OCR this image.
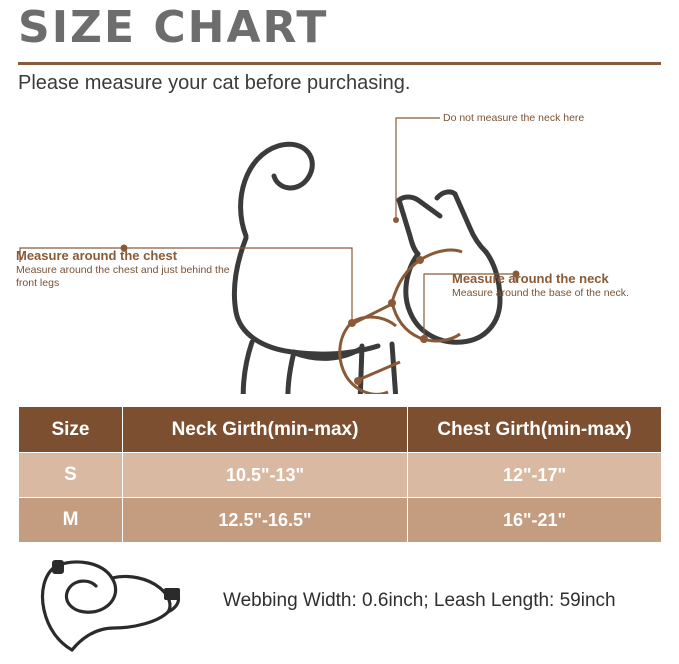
SIZE CHART
Please measure your cat before purchasing.
Do not measure the neck here
Measure around the chest
Measure around the chest and just behind the front legs	Measure around the neck
Measure around the base of the neck.
Size	Neck Girth(min-max)	Chest Girth(min-max)
S	10.5"-13"	12"-17"
M	12.5"-16.5"	16"-21"
Webbing Width: 0.6inch; Leash Length: 59inch
